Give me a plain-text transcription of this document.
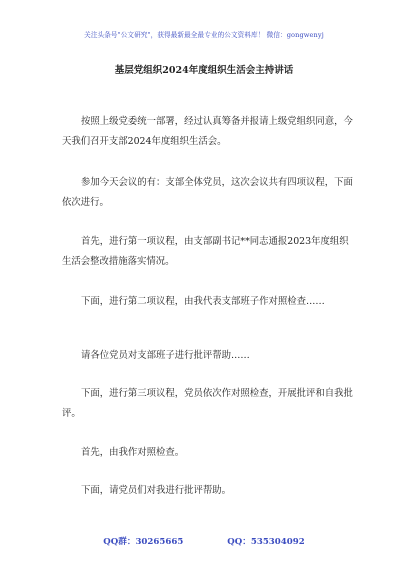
关注头条号"公文研究"，获得最新最全最专业的公文资料库！ 微信：gongwenyj
基层党组织2024年度组织生活会主持讲话

按照上级党委统一部署，经过认真筹备并报请上级党组织同意，今天我们召开支部2024年度组织生活会。

参加今天会议的有：支部全体党员，这次会议共有四项议程，下面依次进行。

首先，进行第一项议程，由支部副书记**同志通报2023年度组织生活会整改措施落实情况。

下面，进行第二项议程，由我代表支部班子作对照检查……

请各位党员对支部班子进行批评帮助……

下面，进行第三项议程，党员依次作对照检查，开展批评和自我批评。

首先，由我作对照检查。

下面，请党员们对我进行批评帮助。

QQ群：30265665	QQ：535304092
